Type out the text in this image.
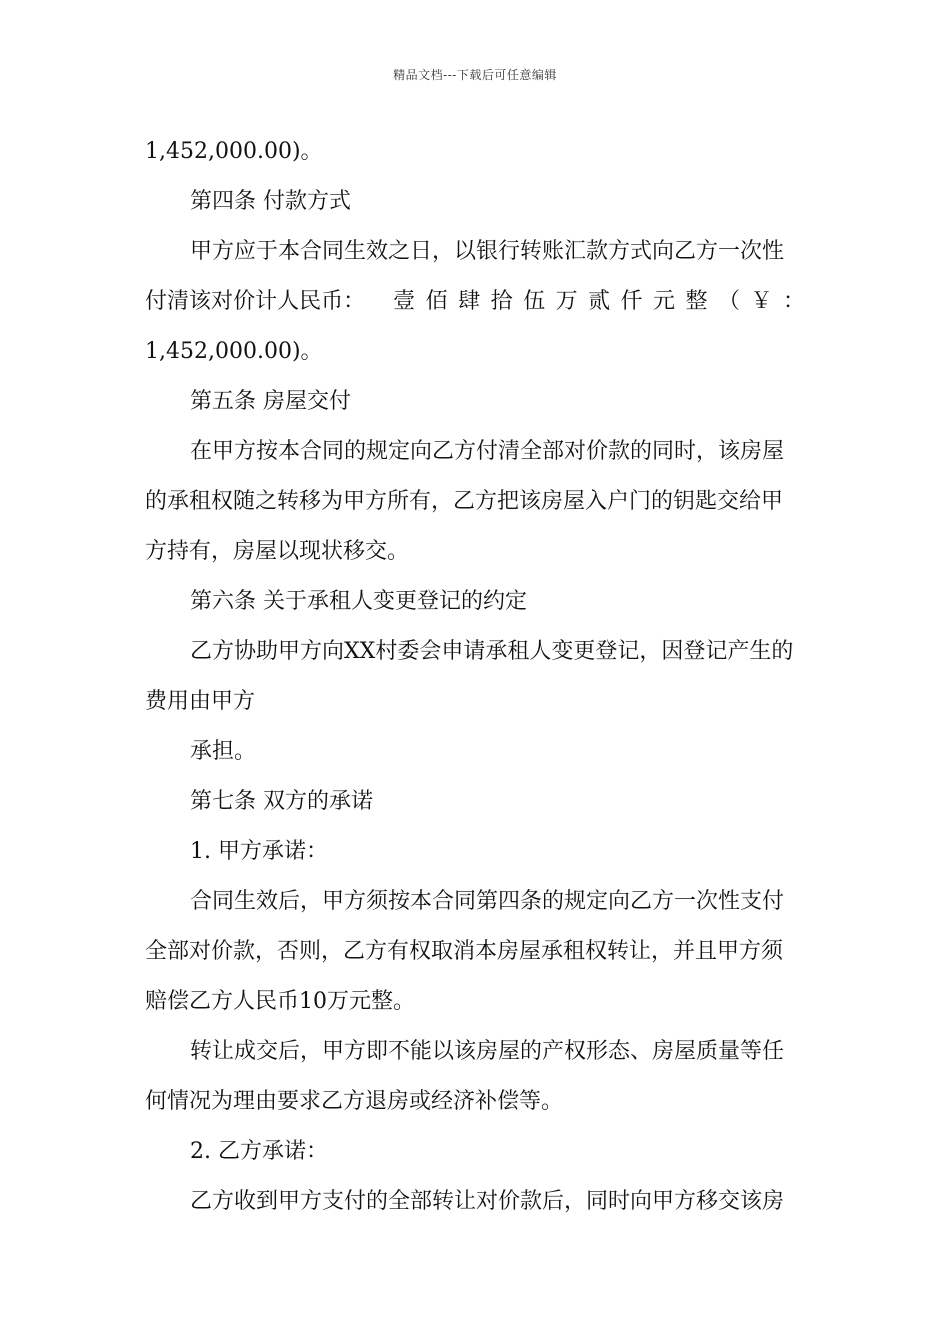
精品文档---下载后可任意编辑
1,452,000.00)。
第四条 付款方式
甲方应于本合同生效之日，以银行转账汇款方式向乙方一次性
付 清 该 对 价 计 人 民 币 ： 壹 佰 肆 拾 伍 万 贰 仟 元 整 （ ￥ ：
1,452,000.00)。
第五条 房屋交付
在甲方按本合同的规定向乙方付清全部对价款的同时，该房屋
的承租权随之转移为甲方所有，乙方把该房屋入户门的钥匙交给甲
方持有，房屋以现状移交。
第六条 关于承租人变更登记的约定
乙方协助甲方向XX村委会申请承租人变更登记，因登记产生的
费用由甲方
承担。
第七条 双方的承诺
1. 甲方承诺：
合同生效后，甲方须按本合同第四条的规定向乙方一次性支付
全部对价款，否则，乙方有权取消本房屋承租权转让，并且甲方须
赔偿乙方人民币10万元整。
转让成交后，甲方即不能以该房屋的产权形态、房屋质量等任
何情况为理由要求乙方退房或经济补偿等。
2. 乙方承诺：
乙方收到甲方支付的全部转让对价款后，同时向甲方移交该房
